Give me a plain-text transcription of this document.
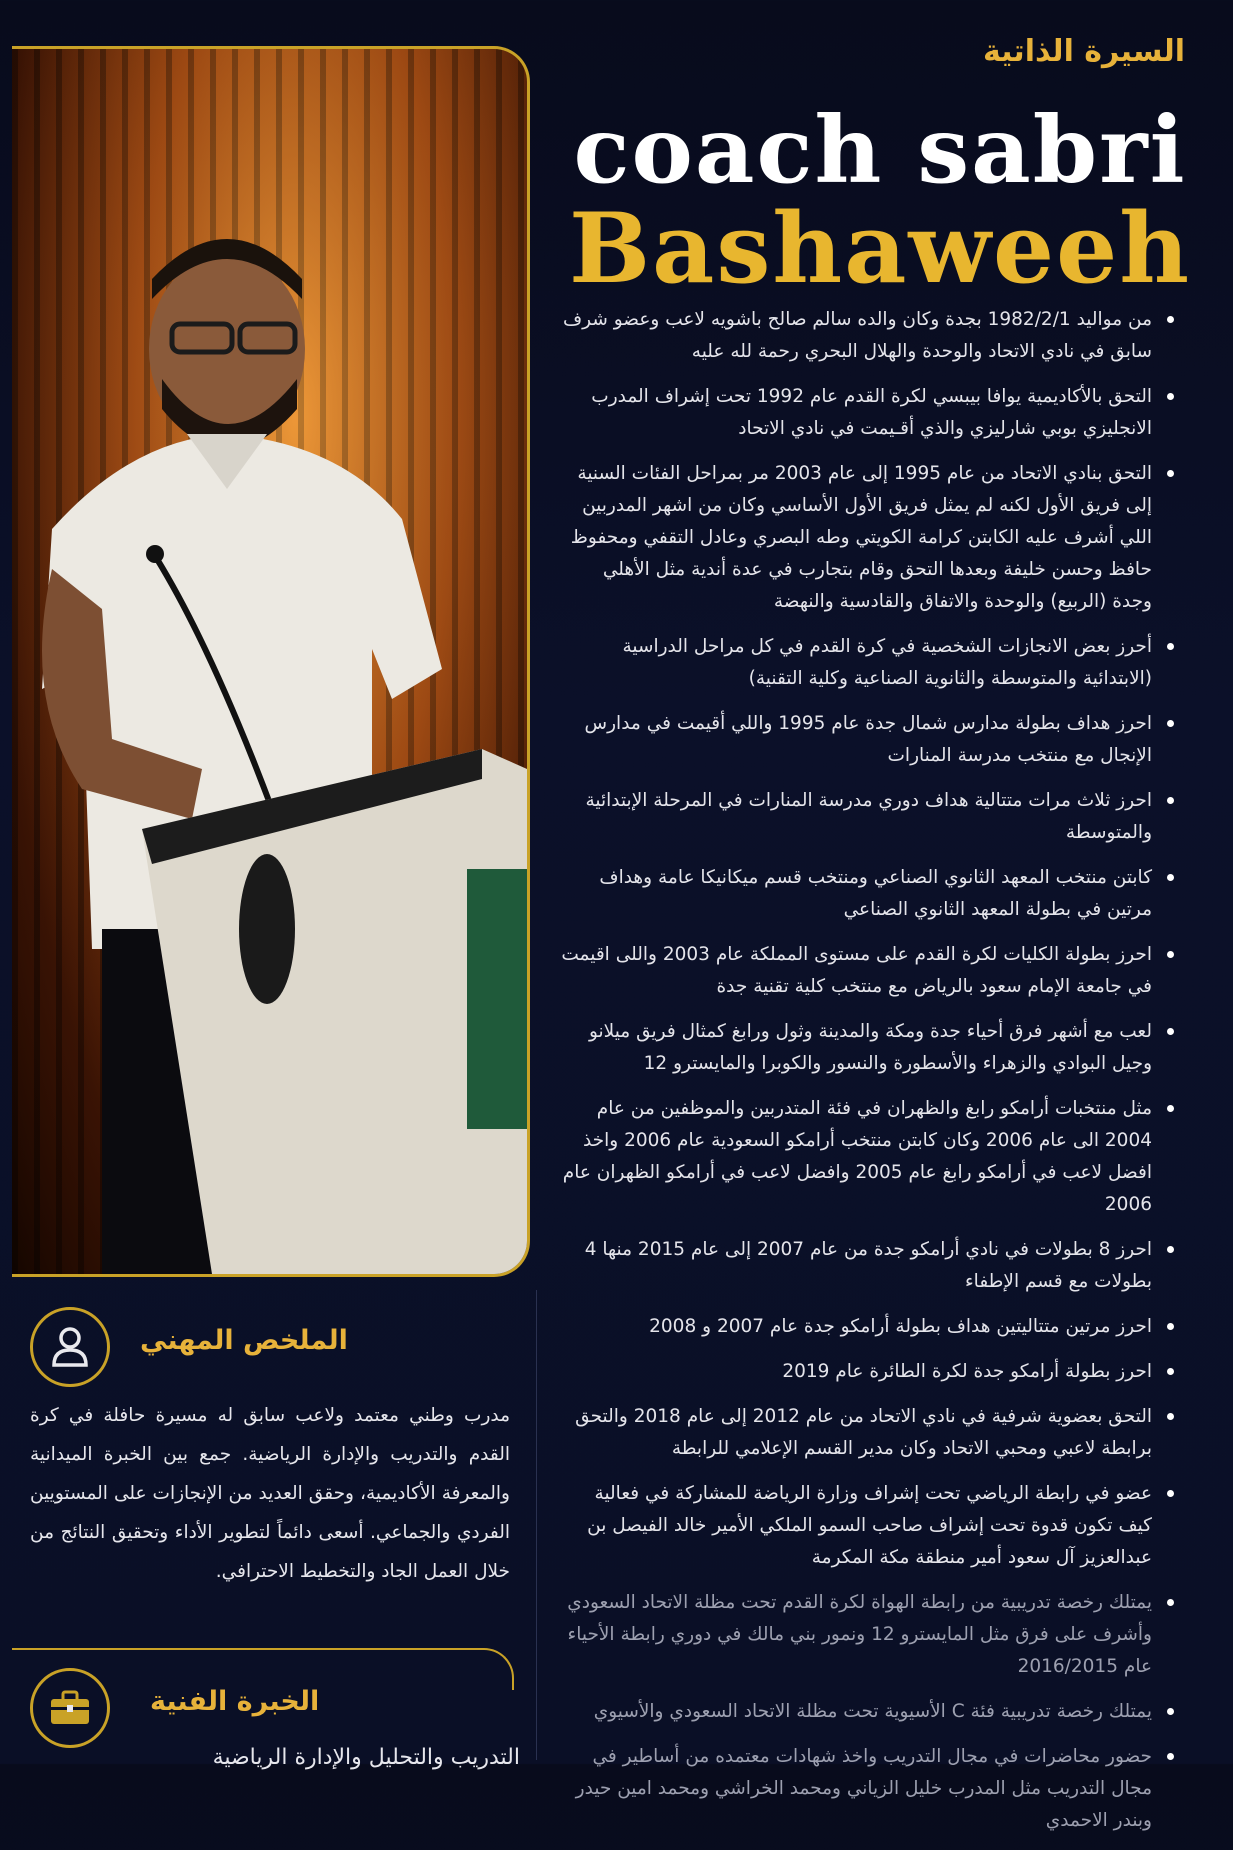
السيرة الذاتية
coach sabri
Bashaweeh
من مواليد 1982/2/1 بجدة وكان والده سالم صالح باشويه لاعب وعضو شرف سابق في نادي الاتحاد والوحدة والهلال البحري رحمة لله عليه
التحق بالأكاديمية يوافا بيبسي لكرة القدم عام 1992 تحت إشراف المدرب الانجليزي بوبي شارليزي والذي أقـيمت في نادي الاتحاد
التحق بنادي الاتحاد من عام 1995 إلى عام 2003 مر بمراحل الفئات السنية إلى فريق الأول لكنه لم يمثل فريق الأول الأساسي وكان من اشهر المدربين اللي أشرف عليه الكابتن كرامة الكويتي وطه البصري وعادل التقفي ومحفوظ حافظ وحسن خليفة وبعدها التحق وقام بتجارب في عدة أندية مثل الأهلي وجدة (الربيع) والوحدة والاتفاق والقادسية والنهضة
أحرز بعض الانجازات الشخصية في كرة القدم في كل مراحل الدراسية (الابتدائية والمتوسطة والثانوية الصناعية وكلية التقنية)
احرز هداف بطولة مدارس شمال جدة عام 1995 واللي أقيمت في مدارس الإنجال مع منتخب مدرسة المنارات
احرز ثلاث مرات متتالية هداف دوري مدرسة المنارات في المرحلة الإبتدائية والمتوسطة
كابتن منتخب المعهد الثانوي الصناعي ومنتخب قسم ميكانيكا عامة وهداف مرتين في بطولة المعهد الثانوي الصناعي
احرز بطولة الكليات لكرة القدم على مستوى المملكة عام 2003 واللى اقيمت في جامعة الإمام سعود بالرياض مع منتخب كلية تقنية جدة
لعب مع أشهر فرق أحياء جدة ومكة والمدينة وثول ورابغ كمثال فريق ميلانو وجيل البوادي والزهراء والأسطورة والنسور والكوبرا والمايسترو 12
مثل منتخبات أرامكو رابغ والظهران في فئة المتدربين والموظفين من عام 2004 الى عام 2006 وكان كابتن منتخب أرامكو السعودية عام 2006 واخذ افضل لاعب في أرامكو رابغ عام 2005 وافضل لاعب في أرامكو الظهران عام 2006
احرز 8 بطولات في نادي أرامكو جدة من عام 2007 إلى عام 2015 منها 4 بطولات مع قسم الإطفاء
احرز مرتين متتاليتين هداف بطولة أرامكو جدة عام 2007 و 2008
احرز بطولة أرامكو جدة لكرة الطائرة عام 2019
التحق بعضوية شرفية في نادي الاتحاد من عام 2012 إلى عام 2018 والتحق برابطة لاعبي ومحبي الاتحاد وكان مدير القسم الإعلامي للرابطة
عضو في رابطة الرياضي تحت إشراف وزارة الرياضة للمشاركة في فعالية كيف تكون قدوة تحت إشراف صاحب السمو الملكي الأمير خالد الفيصل بن عبدالعزيز آل سعود أمير منطقة مكة المكرمة
يمتلك رخصة تدريبية من رابطة الهواة لكرة القدم تحت مظلة الاتحاد السعودي وأشرف على فرق مثل المايسترو 12 ونمور بني مالك في دوري رابطة الأحياء عام 2016/2015
يمتلك رخصة تدريبية فئة C الأسيوية تحت مظلة الاتحاد السعودي والأسيوي
حضور محاضرات في مجال التدريب واخذ شهادات معتمده من أساطير في مجال التدريب مثل المدرب خليل الزياني ومحمد الخراشي ومحمد امين حيدر وبندر الاحمدي
الملخص المهني
مدرب وطني معتمد ولاعب سابق له مسيرة حافلة في كرة القدم والتدريب والإدارة الرياضية. جمع بين الخبرة الميدانية والمعرفة الأكاديمية، وحقق العديد من الإنجازات على المستويين الفردي والجماعي. أسعى دائماً لتطوير الأداء وتحقيق النتائج من خلال العمل الجاد والتخطيط الاحترافي.
الخبرة الفنية
التدريب والتحليل والإدارة الرياضية
